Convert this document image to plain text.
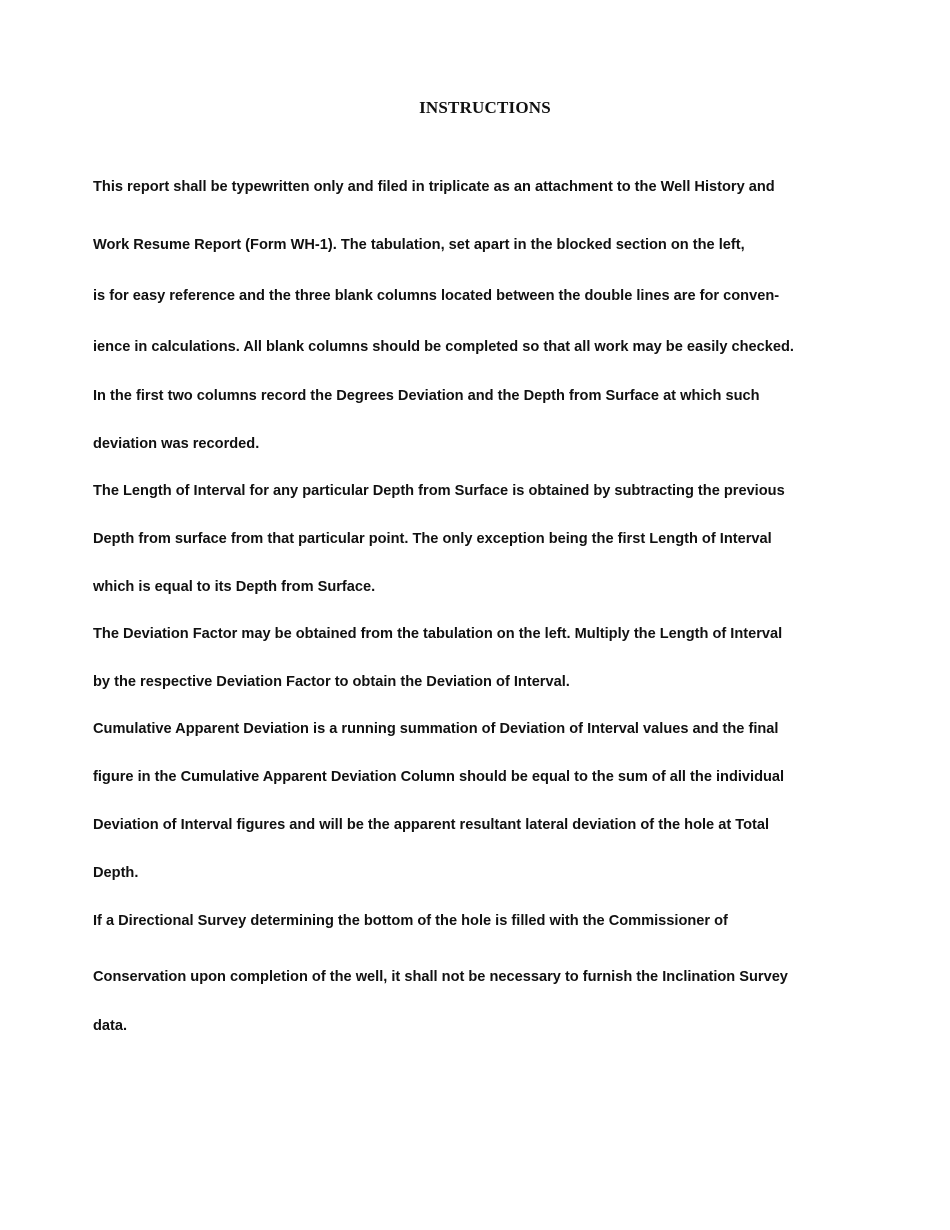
INSTRUCTIONS

This report shall be typewritten only and filed in triplicate as an attachment to the Well History and

Work Resume Report (Form WH-1). The tabulation, set apart in the blocked section on the left,

is for easy reference and the three blank columns located between the double lines are for conven-

ience in calculations. All blank columns should be completed so that all work may be easily checked.

In the first two columns record the Degrees Deviation and the Depth from Surface at which such

deviation was recorded.

The Length of Interval for any particular Depth from Surface is obtained by subtracting the previous

Depth from surface from that particular point. The only exception being the first Length of Interval

which is equal to its Depth from Surface.

The Deviation Factor may be obtained from the tabulation on the left. Multiply the Length of Interval

by the respective Deviation Factor to obtain the Deviation of Interval.

Cumulative Apparent Deviation is a running summation of Deviation of Interval values and the final

figure in the Cumulative Apparent Deviation Column should be equal to the sum of all the individual

Deviation of Interval figures and will be the apparent resultant lateral deviation of the hole at Total

Depth.

If a Directional Survey determining the bottom of the hole is filled with the Commissioner of

Conservation upon completion of the well, it shall not be necessary to furnish the Inclination Survey

data.
